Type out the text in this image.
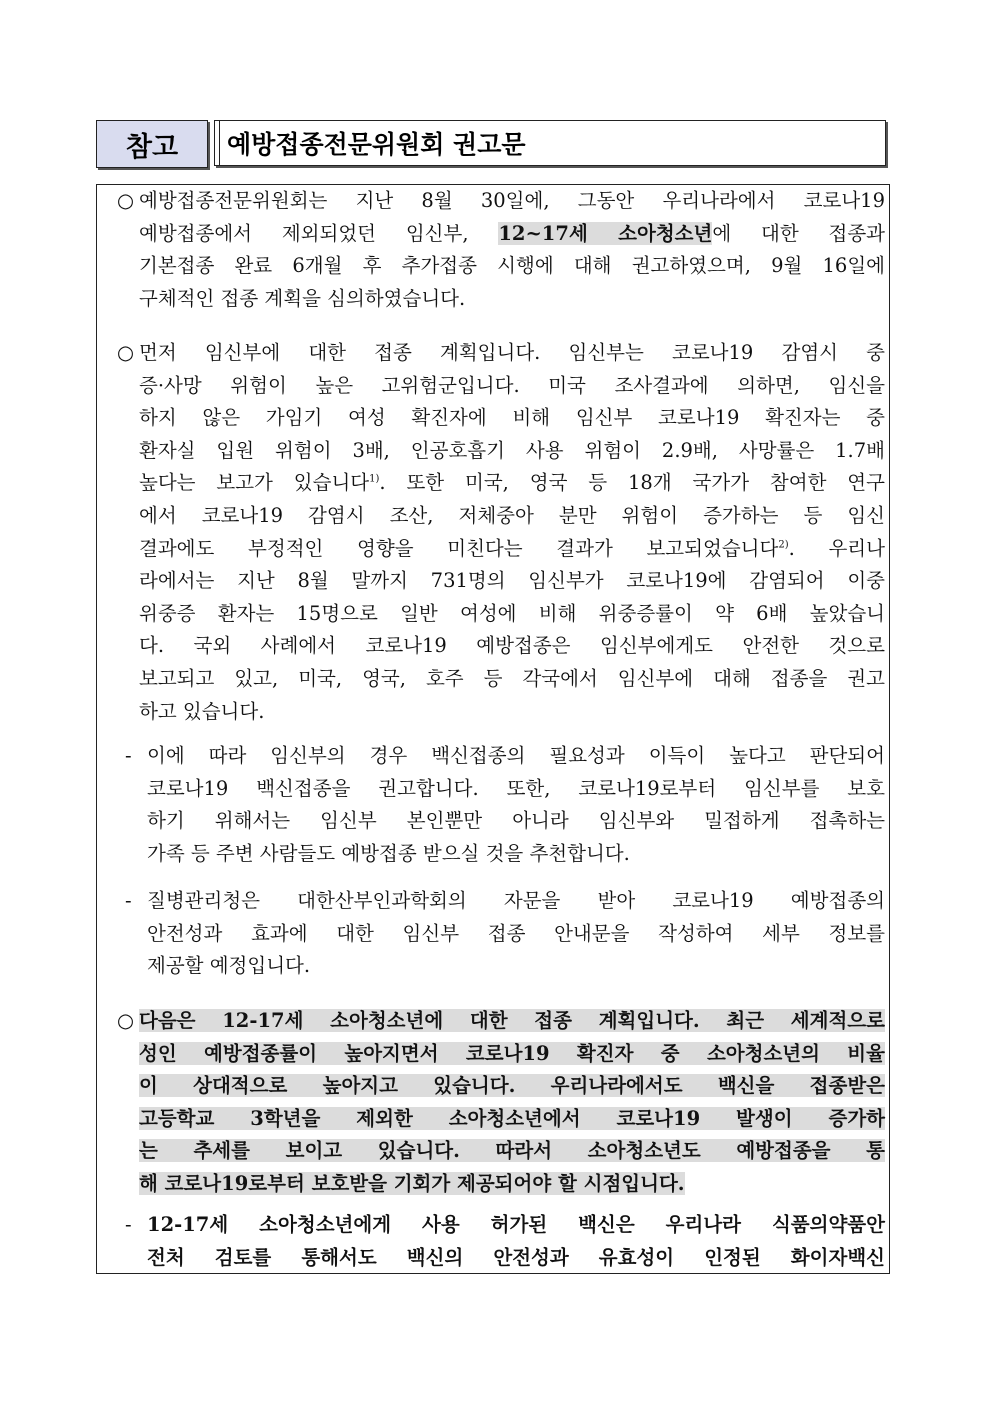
참고	예방접종전문위원회 권고문
○ 예방접종전문위원회는 지난 8월 30일에, 그동안 우리나라에서 코로나19
예방접종에서 제외되었던 임신부, 12~17세 소아청소년에 대한 접종과
기본접종 완료 6개월 후 추가접종 시행에 대해 권고하였으며, 9월 16일에
구체적인 접종 계획을 심의하였습니다.
○ 먼저 임신부에 대한 접종 계획입니다. 임신부는 코로나19 감염시 중
증·사망 위험이 높은 고위험군입니다. 미국 조사결과에 의하면, 임신을
하지 않은 가임기 여성 확진자에 비해 임신부 코로나19 확진자는 중
환자실 입원 위험이 3배, 인공호흡기 사용 위험이 2.9배, 사망률은 1.7배
높다는 보고가 있습니다$^{1)}$. 또한 미국, 영국 등 18개 국가가 참여한 연구
에서 코로나19 감염시 조산, 저체중아 분만 위험이 증가하는 등 임신
결과에도 부정적인 영향을 미친다는 결과가 보고되었습니다$^{2)}$. 우리나
라에서는 지난 8월 말까지 731명의 임신부가 코로나19에 감염되어 이중
위중증 환자는 15명으로 일반 여성에 비해 위중증률이 약 6배 높았습니
다. 국외 사례에서 코로나19 예방접종은 임신부에게도 안전한 것으로
보고되고 있고, 미국, 영국, 호주 등 각국에서 임신부에 대해 접종을 권고
하고 있습니다.
- 이에 따라 임신부의 경우 백신접종의 필요성과 이득이 높다고 판단되어
코로나19 백신접종을 권고합니다. 또한, 코로나19로부터 임신부를 보호
하기 위해서는 임신부 본인뿐만 아니라 임신부와 밀접하게 접촉하는
가족 등 주변 사람들도 예방접종 받으실 것을 추천합니다.
- 질병관리청은 대한산부인과학회의 자문을 받아 코로나19 예방접종의
안전성과 효과에 대한 임신부 접종 안내문을 작성하여 세부 정보를
제공할 예정입니다.
○ 다음은 12-17세 소아청소년에 대한 접종 계획입니다. 최근 세계적으로
성인 예방접종률이 높아지면서 코로나19 확진자 중 소아청소년의 비율
이 상대적으로 높아지고 있습니다. 우리나라에서도 백신을 접종받은
고등학교 3학년을 제외한 소아청소년에서 코로나19 발생이 증가하
는 추세를 보이고 있습니다. 따라서 소아청소년도 예방접종을 통
해 코로나19로부터 보호받을 기회가 제공되어야 할 시점입니다.
- 12-17세 소아청소년에게 사용 허가된 백신은 우리나라 식품의약품안
전처 검토를 통해서도 백신의 안전성과 유효성이 인정된 화이자백신
